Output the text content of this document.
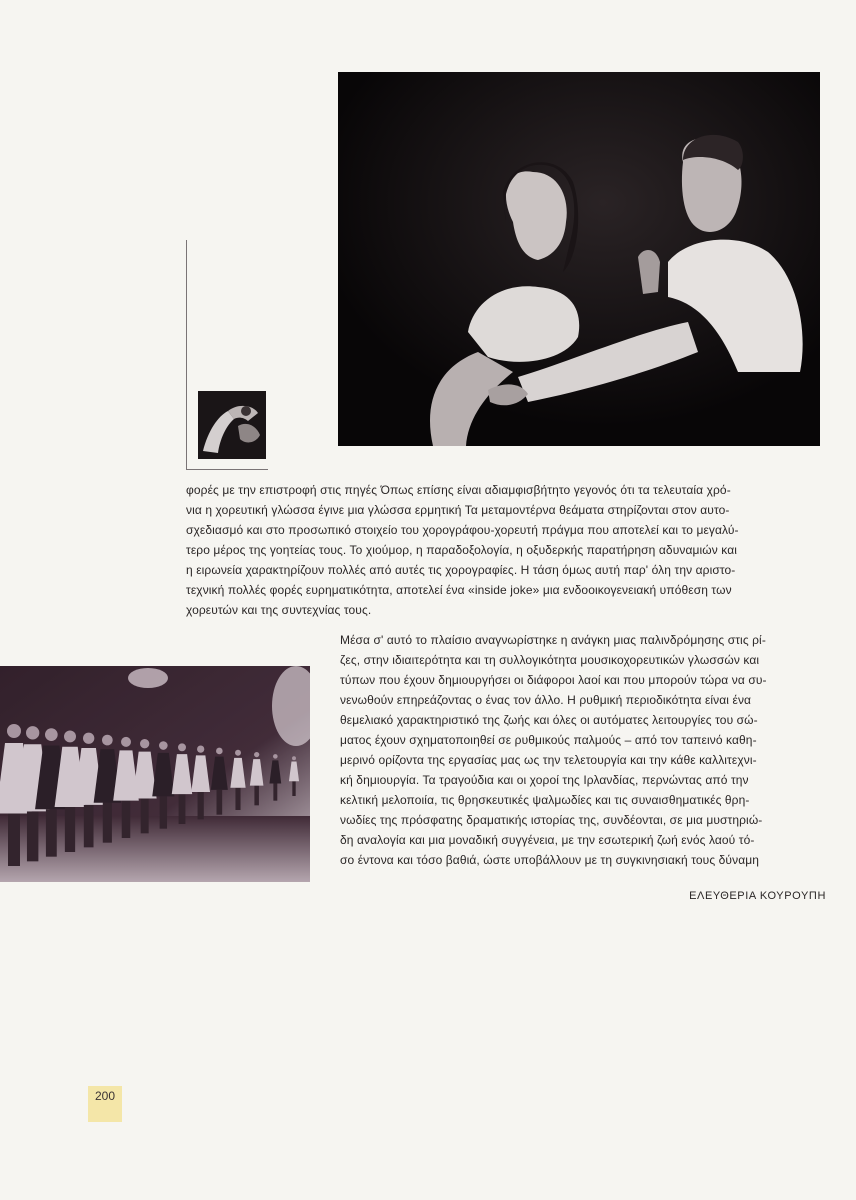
φορές με την επιστροφή στις πηγές Όπως επίσης είναι αδιαμφισβήτητο γεγονός ότι τα τελευταία χρό-

νια η χορευτική γλώσσα έγινε μια γλώσσα ερμητική Τα μεταμοντέρνα θεάματα στηρίζονται στον αυτο-

σχεδιασμό και στο προσωπικό στοιχείο του χορογράφου-χορευτή πράγμα που αποτελεί και το μεγαλύ-

τερο μέρος της γοητείας τους. Το χιούμορ, η παραδοξολογία, η οξυδερκής παρατήρηση αδυναμιών και

η ειρωνεία χαρακτηρίζουν πολλές από αυτές τις χορογραφίες. Η τάση όμως αυτή παρ' όλη την αριστο-

τεχνική πολλές φορές ευρηματικότητα, αποτελεί ένα «inside joke» μια ενδοοικογενειακή υπόθεση των

χορευτών και της συντεχνίας τους.

Μέσα σ' αυτό το πλαίσιο αναγνωρίστηκε η ανάγκη μιας παλινδρόμησης στις ρί-

ζες, στην ιδιαιτερότητα και τη συλλογικότητα μουσικοχορευτικών γλωσσών και

τύπων που έχουν δημιουργήσει οι διάφοροι λαοί και που μπορούν τώρα να συ-

νενωθούν επηρεάζοντας ο ένας τον άλλο. Η ρυθμική περιοδικότητα είναι ένα

θεμελιακό χαρακτηριστικό της ζωής και όλες οι αυτόματες λειτουργίες του σώ-

ματος έχουν σχηματοποιηθεί σε ρυθμικούς παλμούς – από τον ταπεινό καθη-

μερινό ορίζοντα της εργασίας μας ως την τελετουργία και την κάθε καλλιτεχνι-

κή δημιουργία. Τα τραγούδια και οι χοροί της Ιρλανδίας, περνώντας από την

κελτική μελοποιία, τις θρησκευτικές ψαλμωδίες και τις συναισθηματικές θρη-

νωδίες της πρόσφατης δραματικής ιστορίας της, συνδέονται, σε μια μυστηριώ-

δη αναλογία και μια μοναδική συγγένεια, με την εσωτερική ζωή ενός λαού τό-

σο έντονα και τόσο βαθιά, ώστε υποβάλλουν με τη συγκινησιακή τους δύναμη

ΕΛΕΥΘΕΡΙΑ ΚΟΥΡΟΥΠΗ
200
